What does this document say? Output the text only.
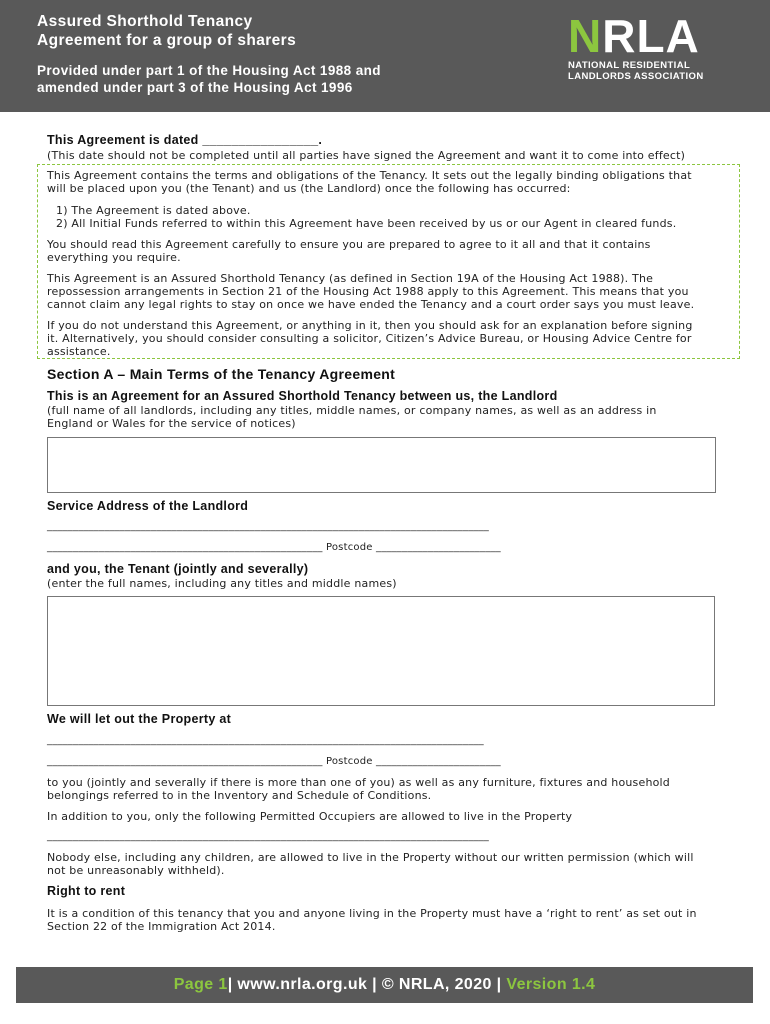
Assured Shorthold Tenancy
Agreement for a group of sharers
Provided under part 1 of the Housing Act 1988 and
amended under part 3 of the Housing Act 1996
NRLA
NATIONAL RESIDENTIAL
LANDLORDS ASSOCIATION
This Agreement is dated ________________.
(This date should not be completed until all parties have signed the Agreement and want it to come into effect)
This Agreement contains the terms and obligations of the Tenancy. It sets out the legally binding obligations that
will be placed upon you (the Tenant) and us (the Landlord) once the following has occurred:
1) The Agreement is dated above.
2) All Initial Funds referred to within this Agreement have been received by us or our Agent in cleared funds.
You should read this Agreement carefully to ensure you are prepared to agree to it all and that it contains
everything you require.
This Agreement is an Assured Shorthold Tenancy (as defined in Section 19A of the Housing Act 1988). The
repossession arrangements in Section 21 of the Housing Act 1988 apply to this Agreement. This means that you
cannot claim any legal rights to stay on once we have ended the Tenancy and a court order says you must leave.
If you do not understand this Agreement, or anything in it, then you should ask for an explanation before signing
it. Alternatively, you should consider consulting a solicitor, Citizen’s Advice Bureau, or Housing Advice Centre for
assistance.
Section A – Main Terms of the Tenancy Agreement
This is an Agreement for an Assured Shorthold Tenancy between us, the Landlord
(full name of all landlords, including any titles, middle names, or company names, as well as an address in
England or Wales for the service of notices)
Service Address of the Landlord
_____________________________________________________________________________________
_____________________________________________________ Postcode ________________________
and you, the Tenant (jointly and severally)
(enter the full names, including any titles and middle names)
We will let out the Property at
____________________________________________________________________________________
_____________________________________________________ Postcode ________________________
to you (jointly and severally if there is more than one of you) as well as any furniture, fixtures and household
belongings referred to in the Inventory and Schedule of Conditions.
In addition to you, only the following Permitted Occupiers are allowed to live in the Property
_____________________________________________________________________________________
Nobody else, including any children, are allowed to live in the Property without our written permission (which will
not be unreasonably withheld).
Right to rent
It is a condition of this tenancy that you and anyone living in the Property must have a ‘right to rent’ as set out in
Section 22 of the Immigration Act 2014.
Page 1| www.nrla.org.uk | © NRLA, 2020 | Version 1.4
